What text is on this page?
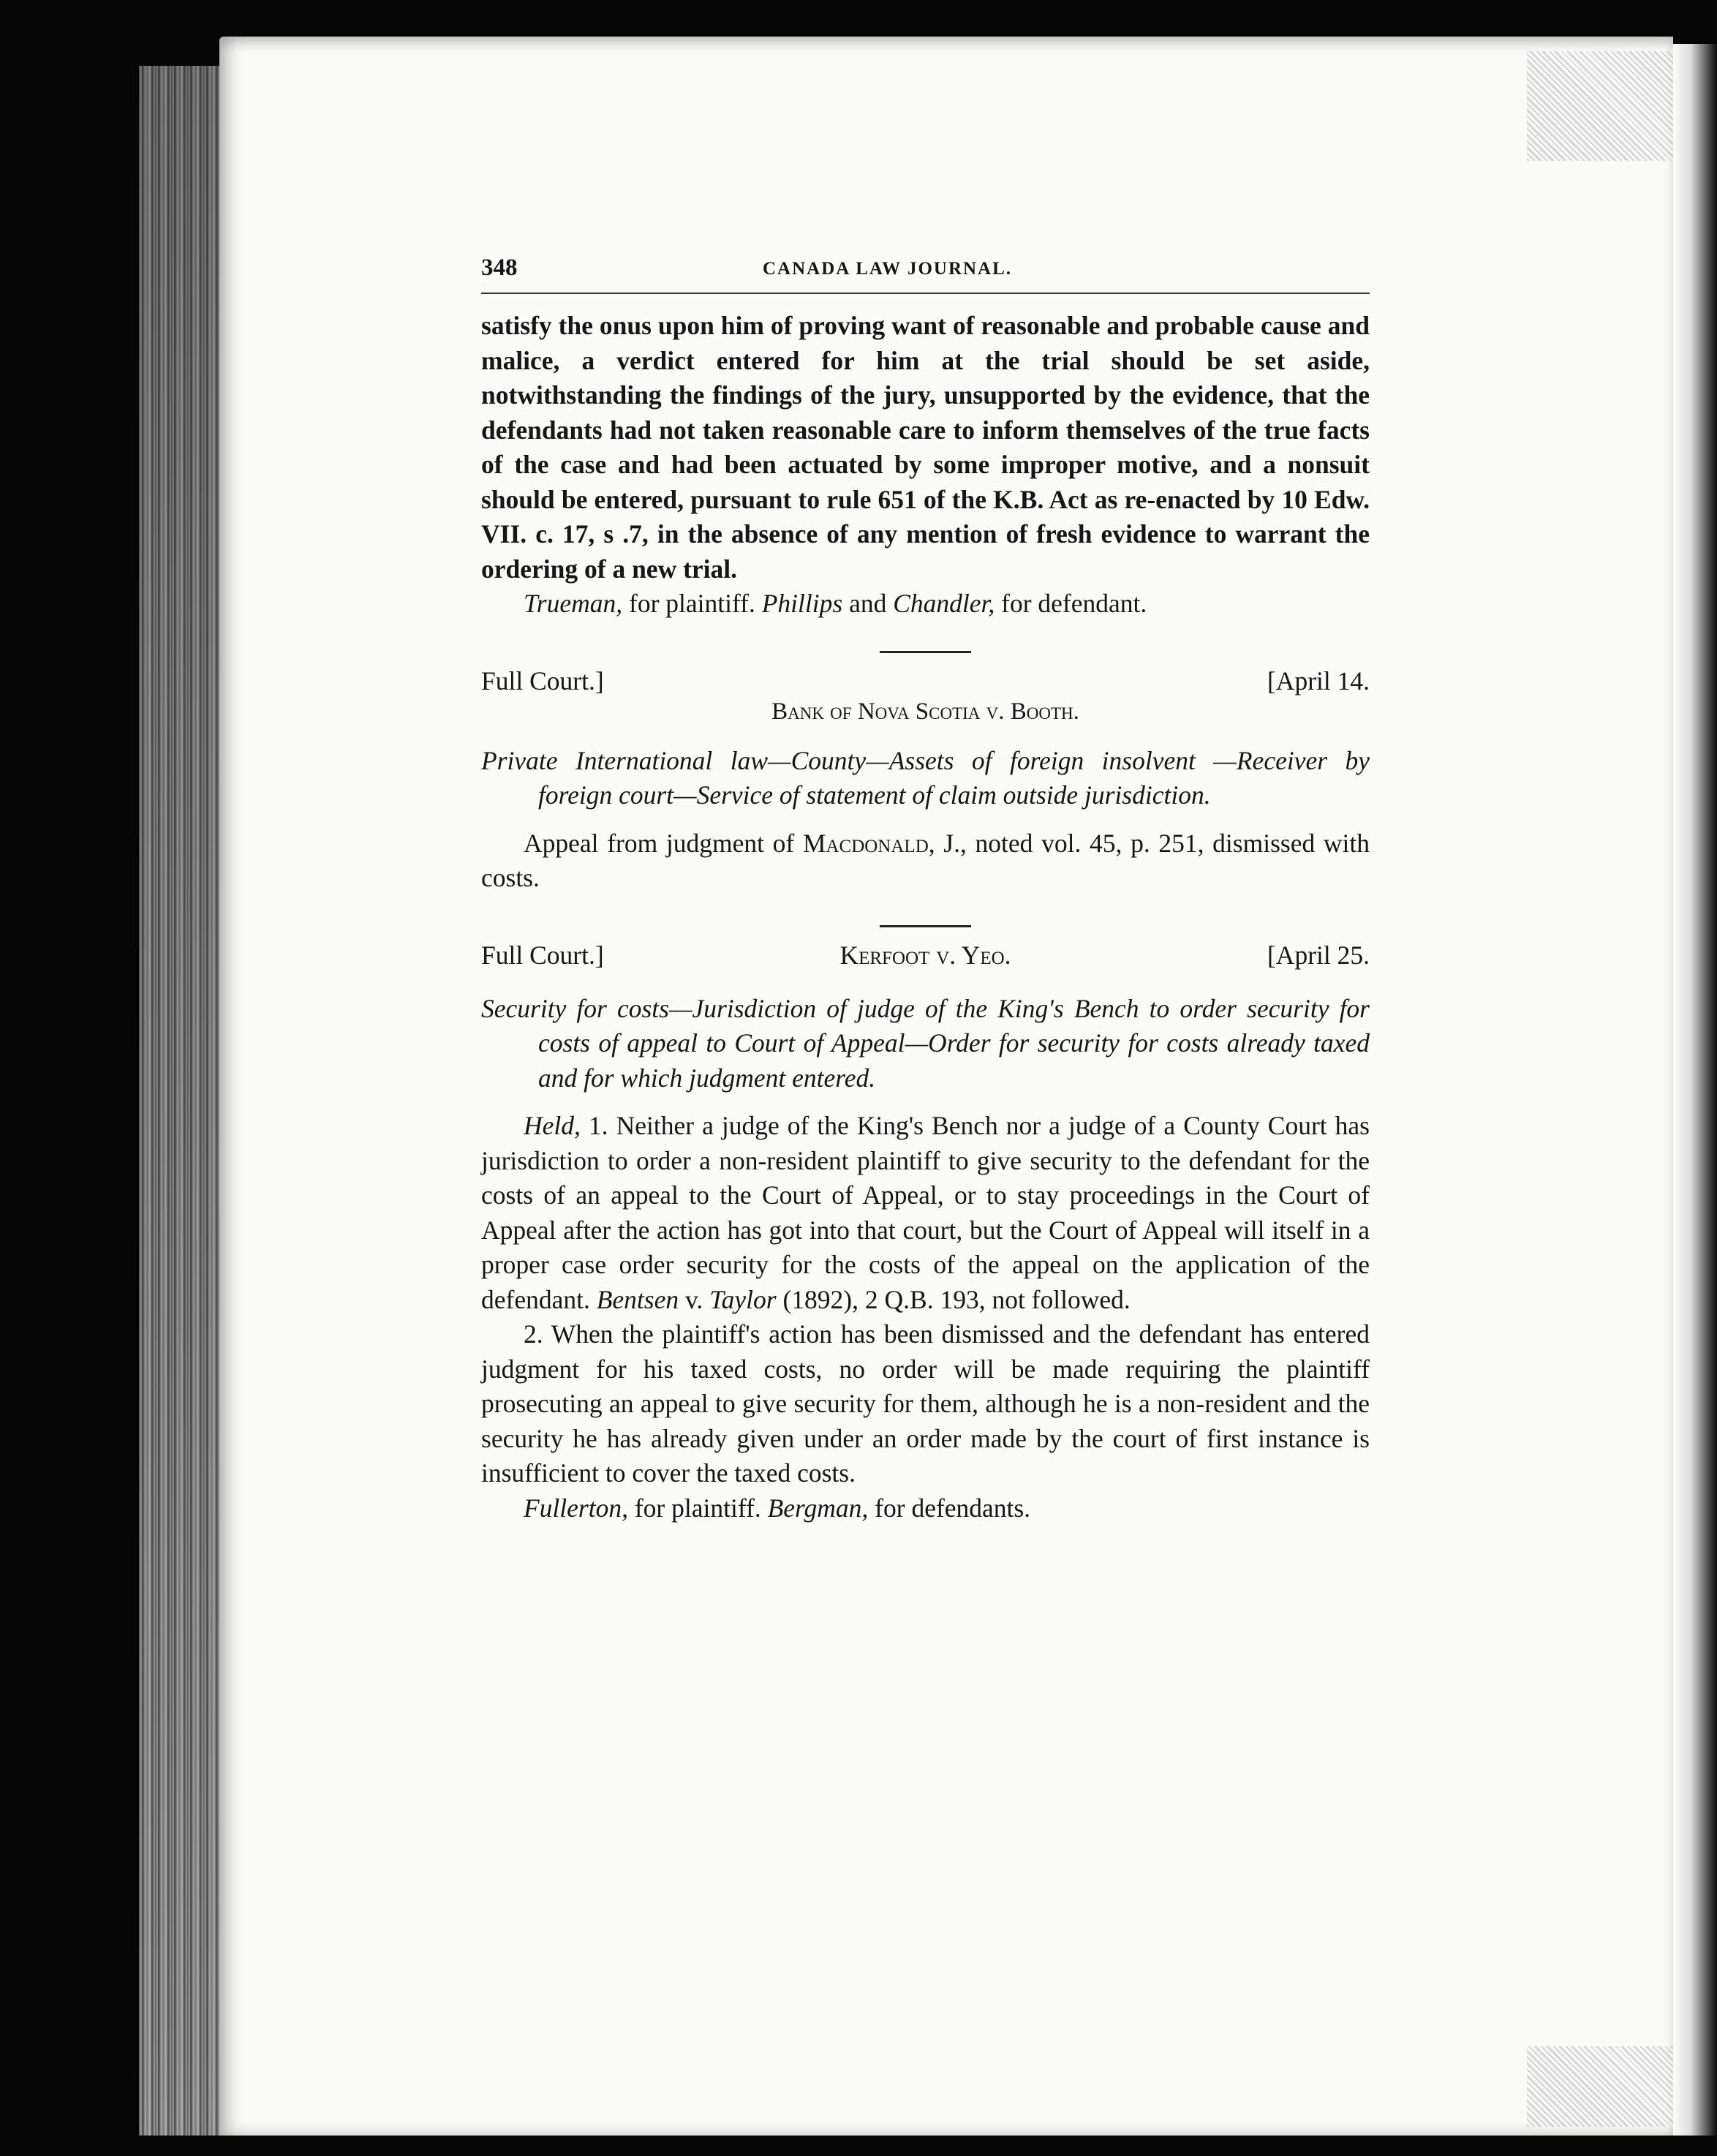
348	CANADA LAW JOURNAL.

satisfy the onus upon him of proving want of reasonable and probable cause and malice, a verdict entered for him at the trial should be set aside, notwithstanding the findings of the jury, unsupported by the evidence, that the defendants had not taken reasonable care to inform themselves of the true facts of the case and had been actuated by some improper motive, and a nonsuit should be entered, pursuant to rule 651 of the K.B. Act as re-enacted by 10 Edw. VII. c. 17, s .7, in the absence of any mention of fresh evidence to warrant the ordering of a new trial.

Trueman, for plaintiff. Phillips and Chandler, for defendant.

Full Court.]	[April 14.
Bank of Nova Scotia v. Booth.

Private International law—County—Assets of foreign insolvent —Receiver by foreign court—Service of statement of claim outside jurisdiction.

Appeal from judgment of Macdonald, J., noted vol. 45, p. 251, dismissed with costs.

Full Court.]	Kerfoot v. Yeo.	[April 25.

Security for costs—Jurisdiction of judge of the King's Bench to order security for costs of appeal to Court of Appeal—Order for security for costs already taxed and for which judgment entered.

Held, 1. Neither a judge of the King's Bench nor a judge of a County Court has jurisdiction to order a non-resident plaintiff to give security to the defendant for the costs of an appeal to the Court of Appeal, or to stay proceedings in the Court of Appeal after the action has got into that court, but the Court of Appeal will itself in a proper case order security for the costs of the appeal on the application of the defendant. Bentsen v. Taylor (1892), 2 Q.B. 193, not followed.

2. When the plaintiff's action has been dismissed and the defendant has entered judgment for his taxed costs, no order will be made requiring the plaintiff prosecuting an appeal to give security for them, although he is a non-resident and the security he has already given under an order made by the court of first instance is insufficient to cover the taxed costs.

Fullerton, for plaintiff. Bergman, for defendants.
